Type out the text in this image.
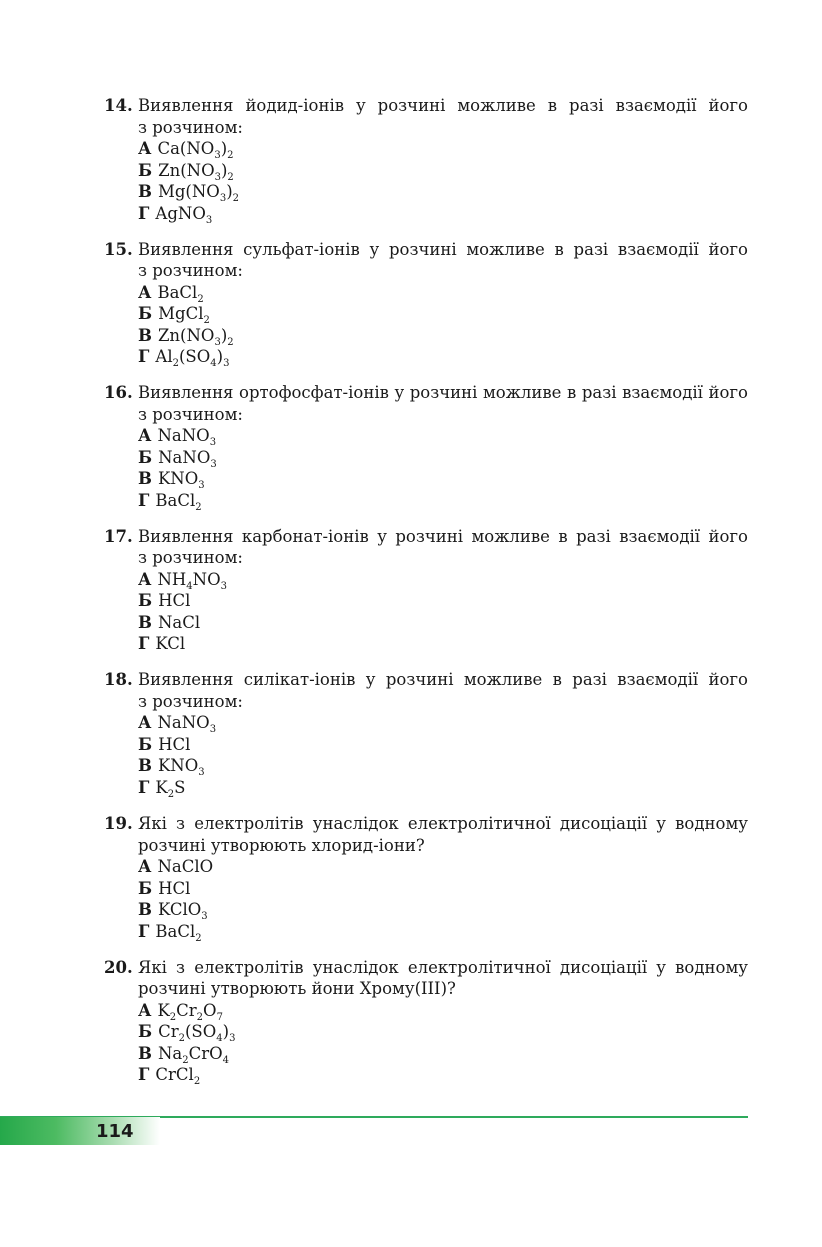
14. Виявлення йодид-іонів у розчині можливе в разі взаємодії його
з розчином:
А $Ca(NO_3)_2$
Б $Zn(NO_3)_2$
В $Mg(NO_3)_2$
Г AgNO$_3$
15. Виявлення сульфат-іонів у розчині можливе в разі взаємодії його
з розчином:
А BaCl$_2$
Б MgCl$_2$
В $Zn(NO_3)_2$
Г $Al_2(SO_4)_3$
16. Виявлення ортофосфат-іонів у розчині можливе в разі взаємодії його
з розчином:
А NaNO$_3$
Б NaNO$_3$
В $KNO_3$
Г BaCl$_2$
17. Виявлення карбонат-іонів у розчині можливе в разі взаємодії його
з розчином:
А $NH_4NO_3$
Б HCl
В NaCl
Г KCl
18. Виявлення силікат-іонів у розчині можливе в разі взаємодії його
з розчином:
А NaNO$_3$
Б HCl
В $KNO_3$
Г $K_2S$
19. Які з електролітів унаслідок електролітичної дисоціації у водному
розчині утворюють хлорид-іони?
А NaClO
Б HCl
В KClO$_3$
Г BaCl$_2$
20. Які з електролітів унаслідок електролітичної дисоціації у водному
розчині утворюють йони Хрому(ІІІ)?
А $K_2Cr_2O_7$
Б $Cr_2(SO_4)_3$
В $Na_2CrO_4$
Г CrCl$_2$
114
